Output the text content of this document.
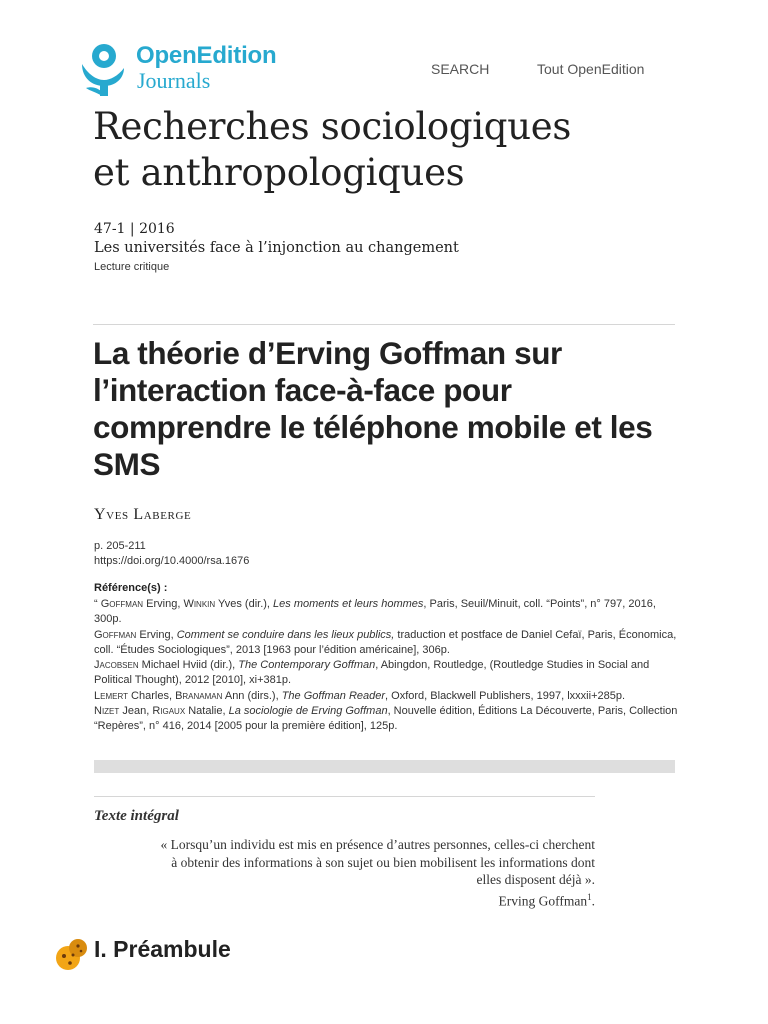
OpenEdition
Journals	SEARCH	Tout OpenEdition
Recherches sociologiques
et anthropologiques
47-1 | 2016
Les universités face à l’injonction au changement
Lecture critique
La théorie d’Erving Goffman sur l’interaction face-à-face pour comprendre le téléphone mobile et les SMS
Yves Laberge
p. 205-211
https://doi.org/10.4000/rsa.1676
Référence(s) :

“ Goffman Erving, Winkin Yves (dir.), Les moments et leurs hommes, Paris, Seuil/Minuit, coll. “Points”, n° 797, 2016, 300p.

Goffman Erving, Comment se conduire dans les lieux publics, traduction et postface de Daniel Cefaï, Paris, Économica, coll. “Études Sociologiques”, 2013 [1963 pour l’édition américaine], 306p.

Jacobsen Michael Hviid (dir.), The Contemporary Goffman, Abingdon, Routledge, (Routledge Studies in Social and Political Thought), 2012 [2010], xi+381p.

Lemert Charles, Branaman Ann (dirs.), The Goffman Reader, Oxford, Blackwell Publishers, 1997, lxxxii+285p.

Nizet Jean, Rigaux Natalie, La sociologie de Erving Goffman, Nouvelle édition, Éditions La Découverte, Paris, Collection “Repères”, n° 416, 2014 [2005 pour la première édition], 125p.

Texte intégral

« Lorsqu’un individu est mis en présence d’autres personnes, celles-ci cherchent

à obtenir des informations à son sujet ou bien mobilisent les informations dont

elles disposent déjà ».

Erving Goffman$^1$.

I. Préambule
